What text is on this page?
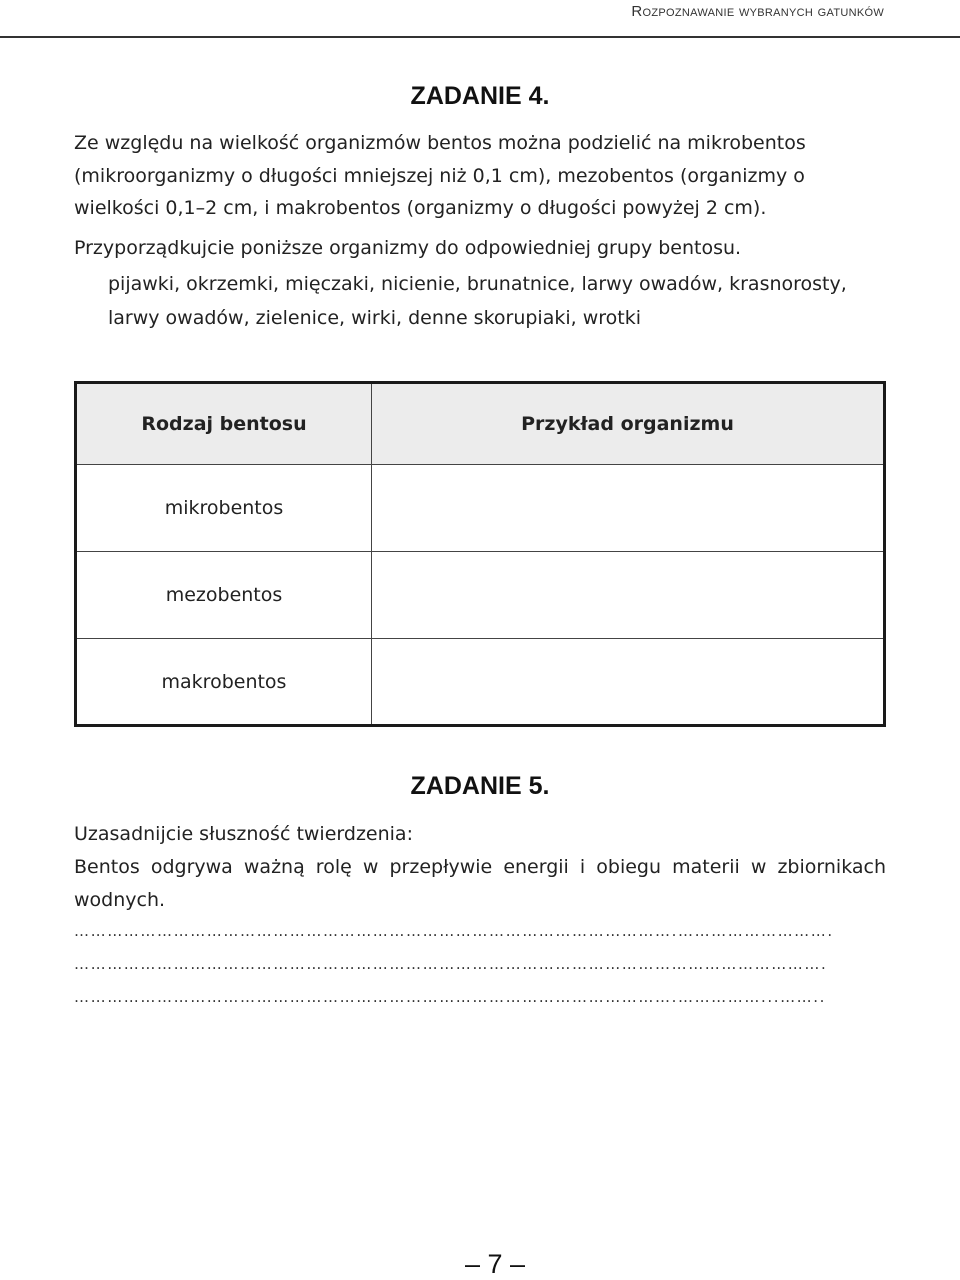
Rozpoznawanie wybranych gatunków
ZADANIE 4.
Ze względu na wielkość organizmów bentos można podzielić na mikrobentos (mikroorganizmy o długości mniejszej niż 0,1 cm), mezobentos (organizmy o wielkości 0,1–2 cm, i makrobentos (organizmy o długości powyżej 2 cm).
Przyporządkujcie poniższe organizmy do odpowiedniej grupy bentosu.
pijawki, okrzemki, mięczaki, nicienie, brunatnice, larwy owadów, krasnorosty, larwy owadów, zielenice, wirki, denne skorupiaki, wrotki
Rodzaj bentosu	Przykład organizmu
mikrobentos	
mezobentos	
makrobentos	
ZADANIE 5.
Uzasadnijcie słuszność twierdzenia:
Bentos odgrywa ważną rolę w przepływie energii i obiegu materii w zbiornikach wodnych.
……………………………………………………………………………………………….……………………….
……………………………………………………………………………………………………………………….
……………………………………………………………………………………………….……………...……..
– 7 –
